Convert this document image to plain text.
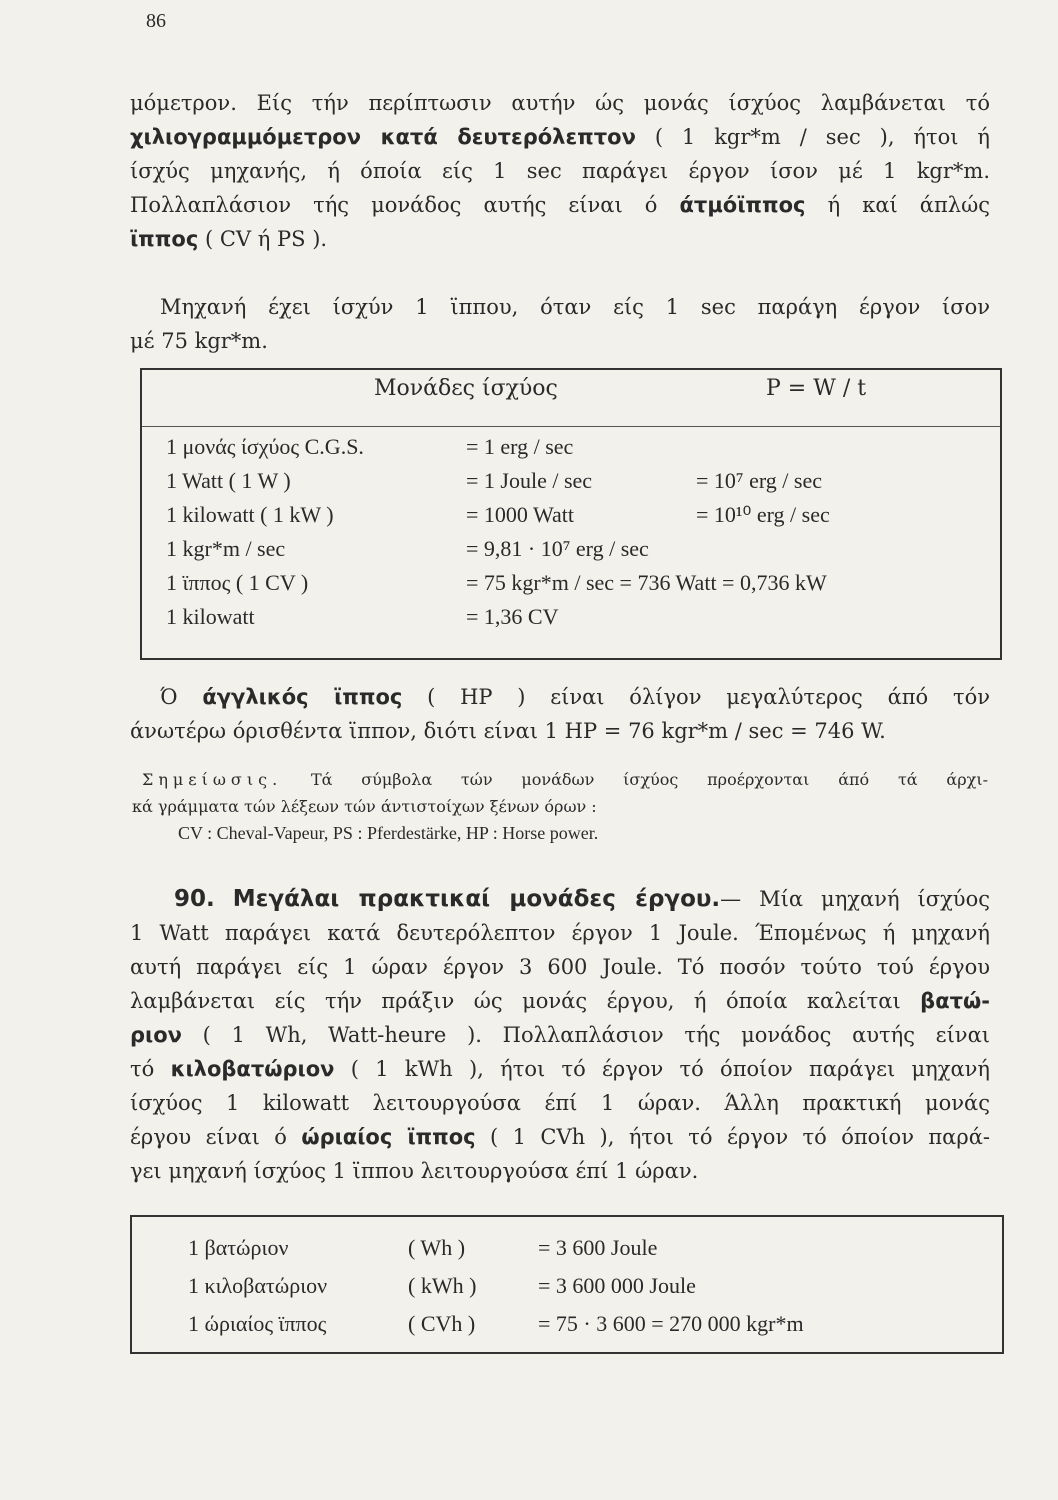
86
μόμετρον. Είς τήν περίπτωσιν αυτήν ώς μονάς ίσχύος λαμβάνεται τό
χιλιογραμμόμετρον κατά δευτερόλεπτον ( 1 kgr*m / sec ), ήτοι ή
ίσχύς μηχανής, ή όποία είς 1 sec παράγει έργον ίσον μέ 1 kgr*m.
Πολλαπλάσιον τής μονάδος αυτής είναι ό άτμόϊππος ή καί άπλώς
ϊππος ( CV ή PS ).
Μηχανή έχει ίσχύν 1 ϊππου, όταν είς 1 sec παράγη έργον ίσον
μέ 75 kgr*m.
Μονάδες ίσχύος	P = W / t
1 μονάς ίσχύος C.G.S.	= 1 erg / sec	
1 Watt ( 1 W )	= 1 Joule / sec	= 10⁷ erg / sec
1 kilowatt ( 1 kW )	= 1000 Watt	= 10¹⁰ erg / sec
1 kgr*m / sec	= 9,81 · 10⁷ erg / sec	
1 ϊππος ( 1 CV )	= 75 kgr*m / sec = 736 Watt = 0,736 kW	
1 kilowatt	= 1,36 CV	
Ό άγγλικός ϊππος ( HP ) είναι όλίγον μεγαλύτερος άπό τόν
άνωτέρω όρισθέντα ϊππον, διότι είναι 1 HP = 76 kgr*m / sec = 746 W.
Σημείωσις. Τά σύμβολα τών μονάδων ίσχύος προέρχονται άπό τά άρχι-
κά γράμματα τών λέξεων τών άντιστοίχων ξένων όρων :
CV : Cheval-Vapeur, PS : Pferdestärke, HP : Horse power.
90. Μεγάλαι πρακτικαί μονάδες έργου.— Μία μηχανή ίσχύος
1 Watt παράγει κατά δευτερόλεπτον έργον 1 Joule. Έπομένως ή μηχανή
αυτή παράγει είς 1 ώραν έργον 3 600 Joule. Τό ποσόν τούτο τού έργου
λαμβάνεται είς τήν πράξιν ώς μονάς έργου, ή όποία καλείται βατώ-
ριον ( 1 Wh, Watt-heure ). Πολλαπλάσιον τής μονάδος αυτής είναι
τό κιλοβατώριον ( 1 kWh ), ήτοι τό έργον τό όποίον παράγει μηχανή
ίσχύος 1 kilowatt λειτουργούσα έπί 1 ώραν. Άλλη πρακτική μονάς
έργου είναι ό ώριαίος ϊππος ( 1 CVh ), ήτοι τό έργον τό όποίον παρά-
γει μηχανή ίσχύος 1 ϊππου λειτουργούσα έπί 1 ώραν.
1 βατώριον	( Wh )	= 3 600 Joule
1 κιλοβατώριον	( kWh )	= 3 600 000 Joule
1 ώριαίος ϊππος	( CVh )	= 75 · 3 600 = 270 000 kgr*m
